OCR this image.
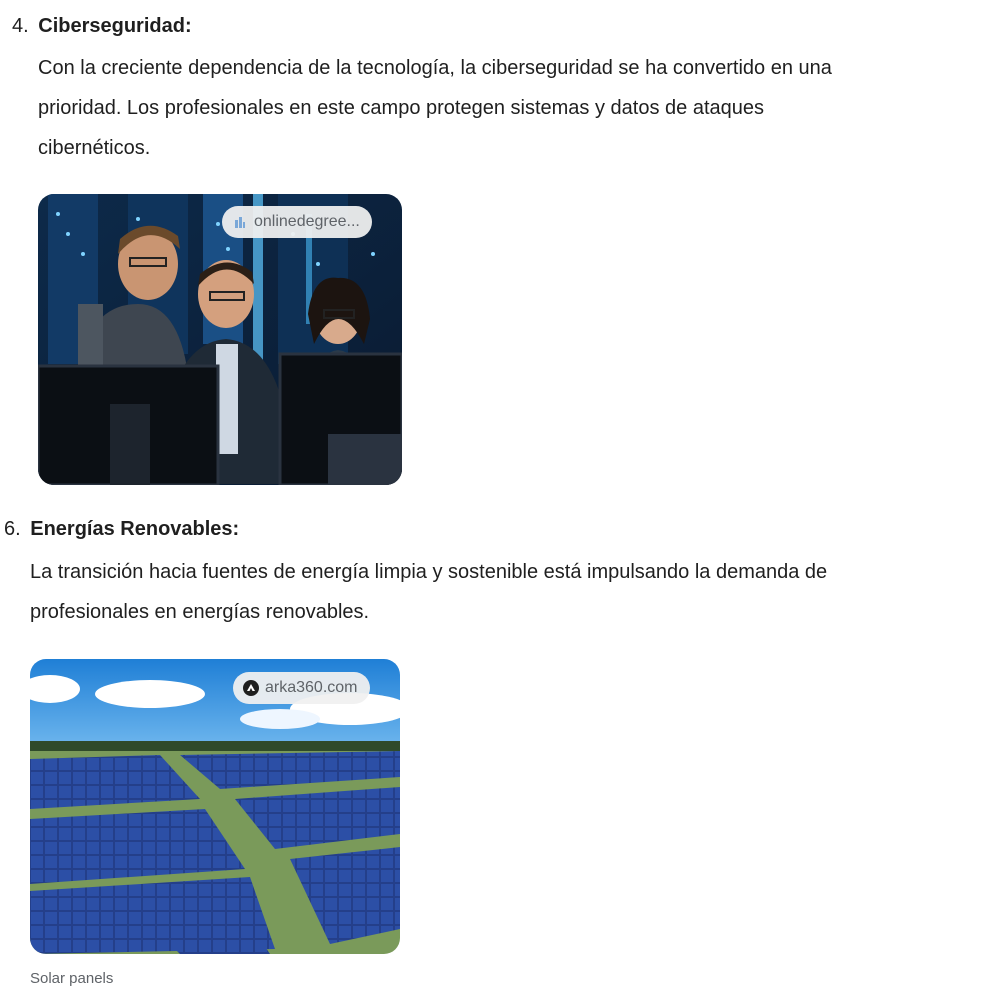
4. Ciberseguridad:
Con la creciente dependencia de la tecnología, la ciberseguridad se ha convertido en una
prioridad. Los profesionales en este campo protegen sistemas y datos de ataques
cibernéticos.
onlinedegree...
6. Energías Renovables:
La transición hacia fuentes de energía limpia y sostenible está impulsando la demanda de
profesionales en energías renovables.
arka360.com
Solar panels
